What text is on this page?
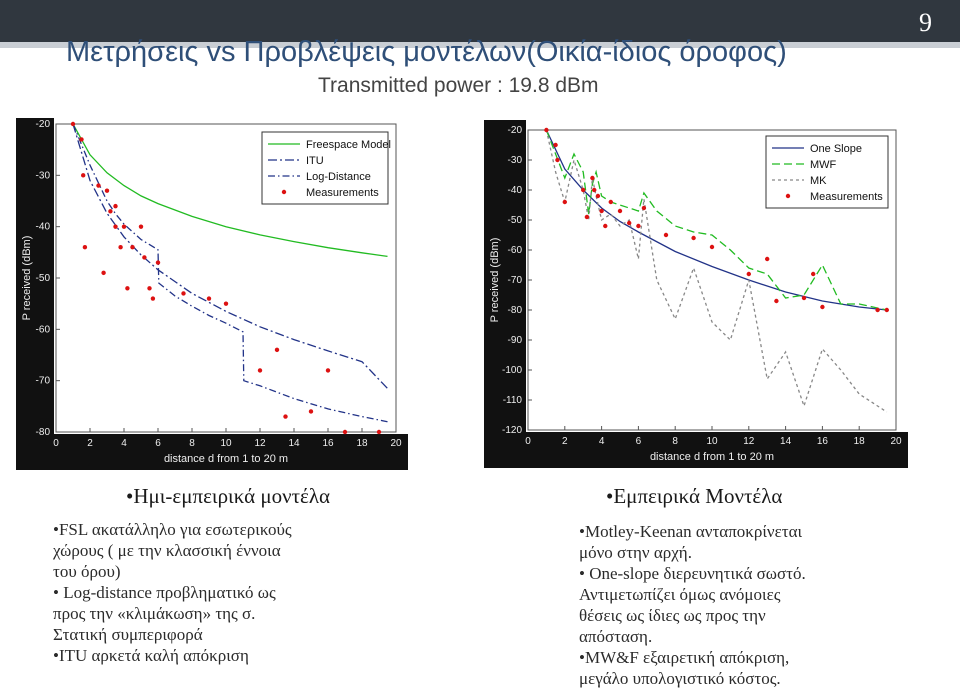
9
Μετρήσεις vs Προβλέψεις μοντέλων(Οικία-ίδιος όροφος)
Transmitted power : 19.8 dBm
0	2	4	6	8	10 12 14 16 18 20
-20
-30
-40
-50
-60
-70
-80
distance d from 1 to 20 m
P received (dBm)
Freespace Model
ITU
Log-Distance
Measurements
0	2	4	6	8	10	12	14	16	18	20
-20
-30
-40
-50
-60
-70
-80
-90
-100
-110
-120
distance d from 1 to 20 m
P received (dBm)
One Slope
MWF
MK
Measurements
•Ημι-εμπειρικά μοντέλα
•FSL ακατάλληλο για εσωτερικούς
χώρους ( με την κλασσική έννοια
του όρου)
• Log-distance προβληματικό ως
προς την «κλιμάκωση» της σ.
Στατική συμπεριφορά
•ITU αρκετά καλή απόκριση
•Εμπειρικά Μοντέλα
•Motley-Keenan ανταποκρίνεται
μόνο στην αρχή.
• One-slope διερευνητικά σωστό.
Αντιμετωπίζει όμως ανόμοιες
θέσεις ως ίδιες ως προς την
απόσταση.
•MW&F εξαιρετική απόκριση,
μεγάλο υπολογιστικό κόστος.
